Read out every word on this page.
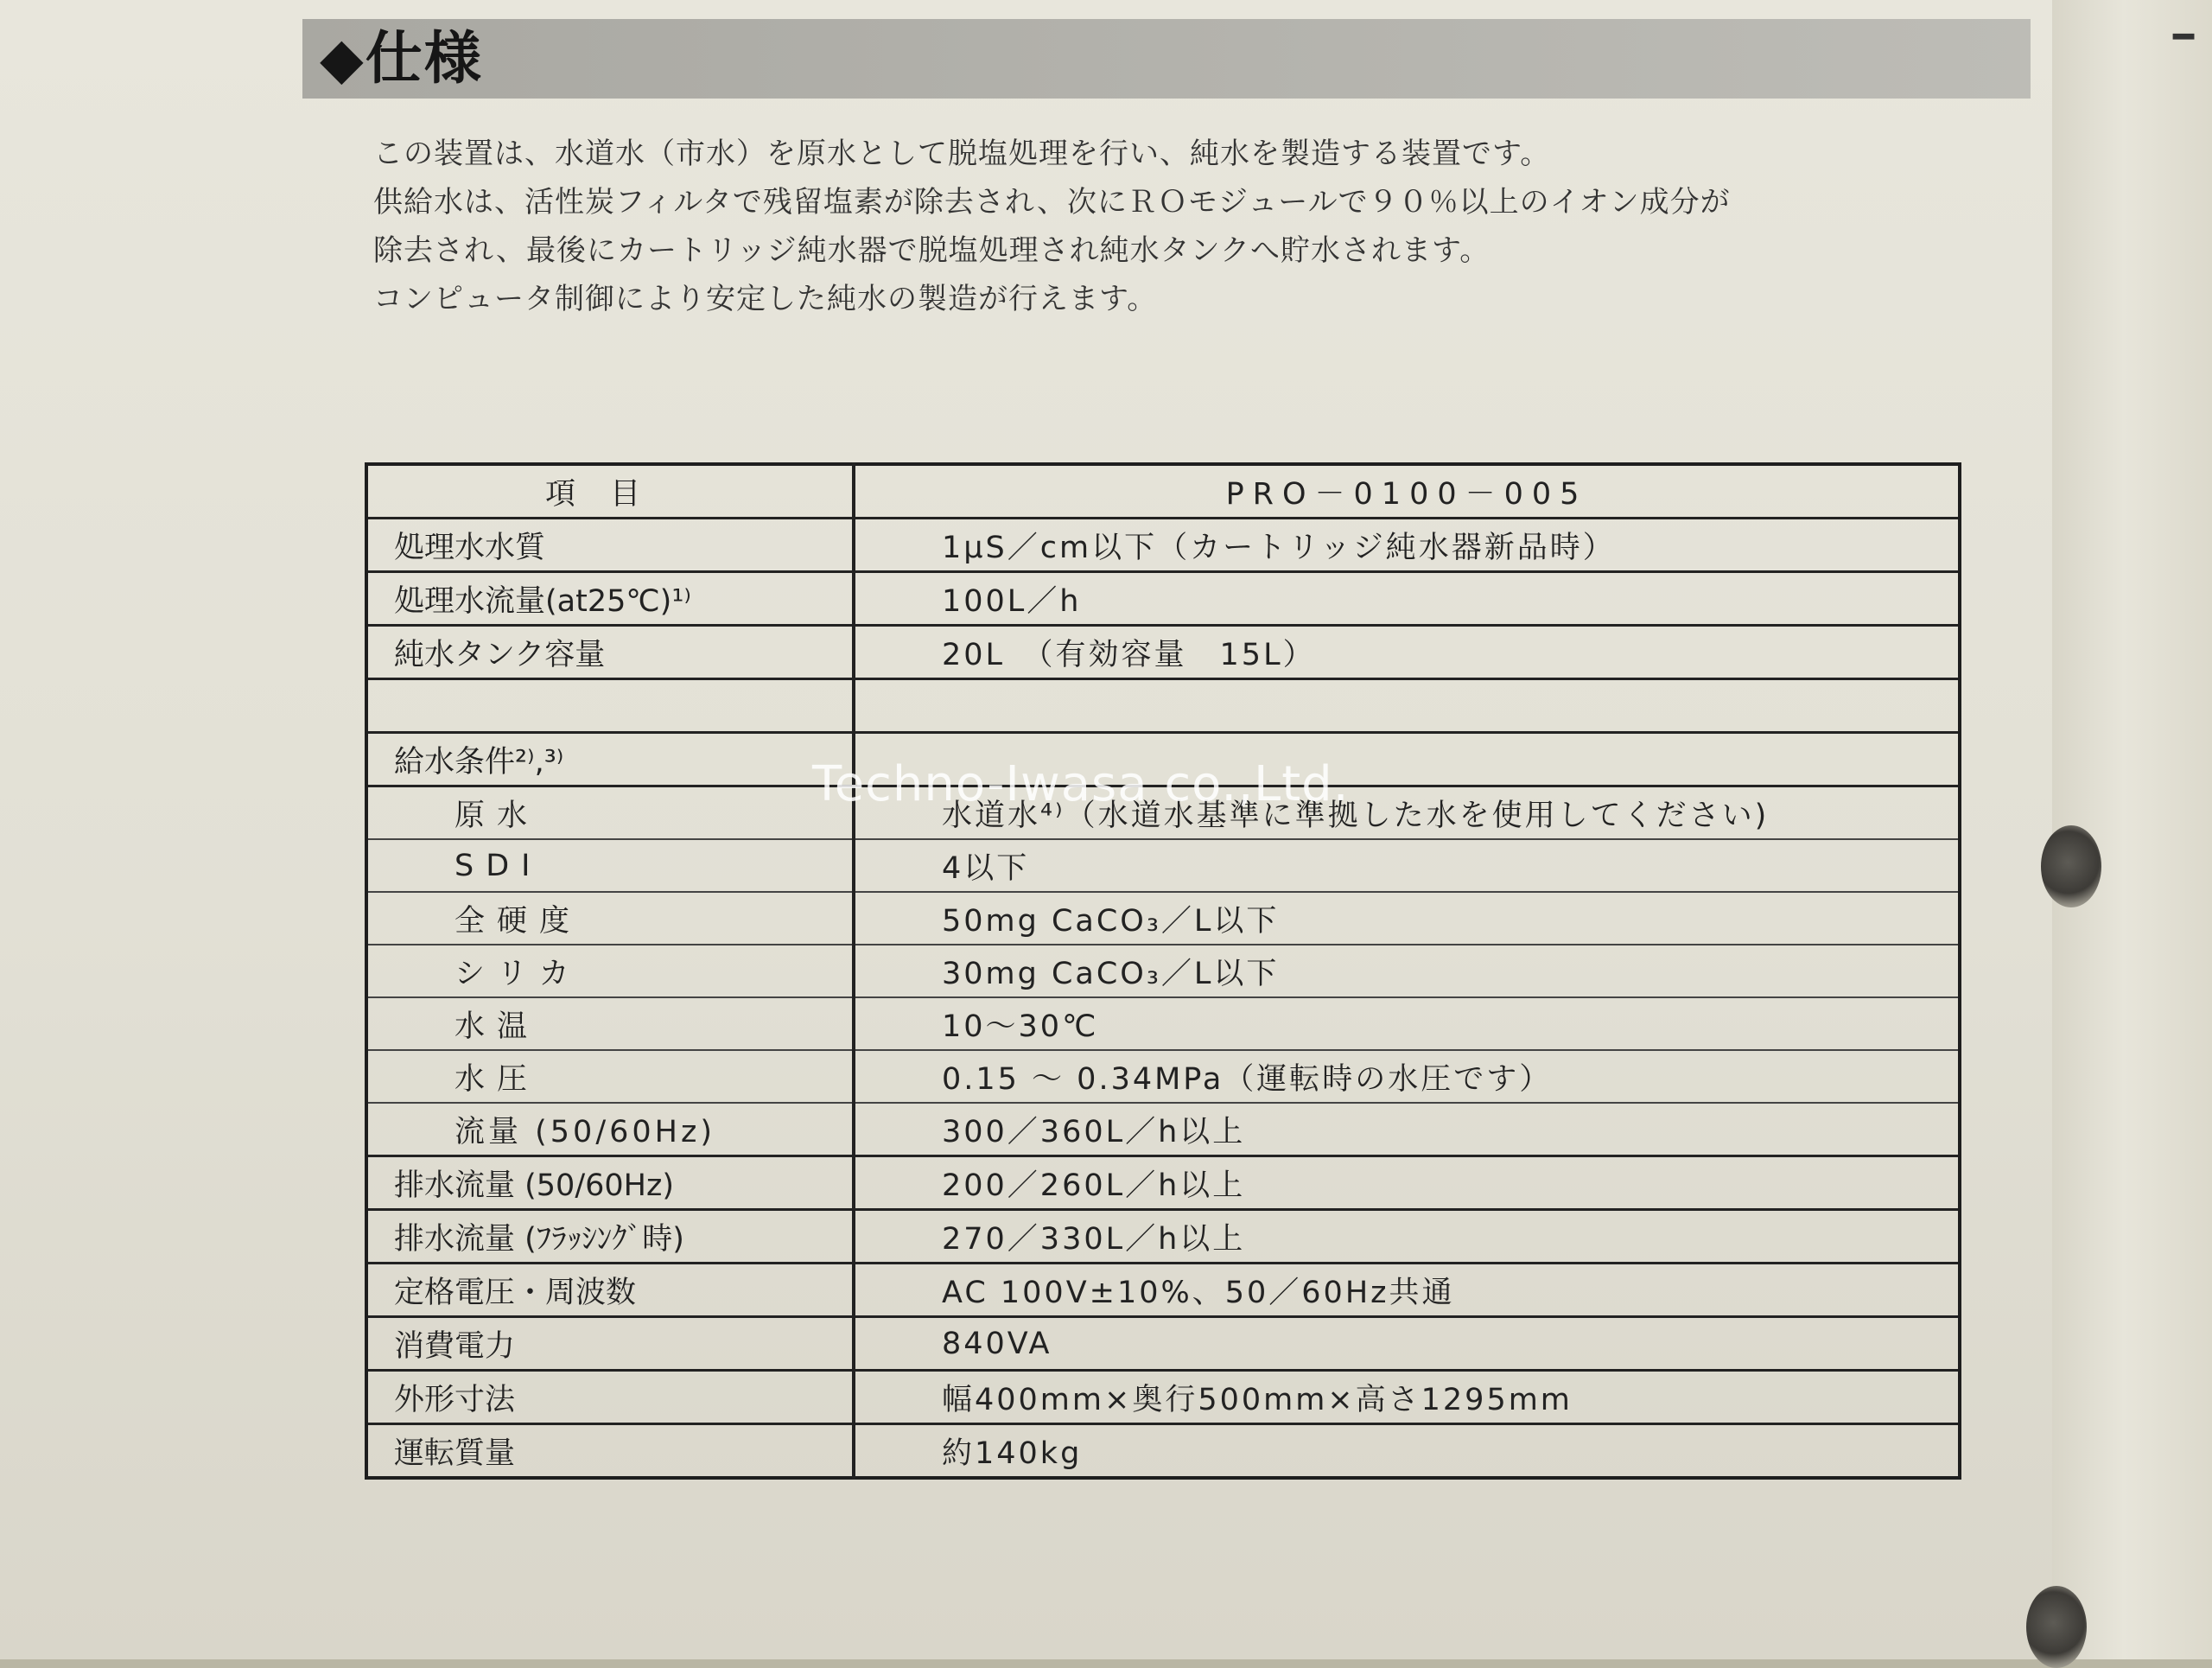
━
◆仕様

この装置は、水道水（市水）を原水として脱塩処理を行い、純水を製造する装置です。

供給水は、活性炭フィルタで残留塩素が除去され、次にＲＯモジュールで９０％以上のイオン成分が

除去され、最後にカートリッジ純水器で脱塩処理され純水タンクへ貯水されます。

コンピュータ制御により安定した純水の製造が行えます。

項目	PRO－0100－005
処理水水質	1μS／cm以下（カートリッジ純水器新品時）
処理水流量(at25℃)¹⁾	100L／h
純水タンク容量	20L　（有効容量　15L）

給水条件²⁾,³⁾	
原水	水道水⁴⁾（水道水基準に準拠した水を使用してください)
SDI	4以下
全硬度	50mg CaCO₃／L以下
シリカ	30mg CaCO₃／L以下
水温	10～30℃
水圧	0.15 ～ 0.34MPa（運転時の水圧です）
流量 (50/60Hz)	300／360L／h以上
排水流量 (50/60Hz)	200／260L／h以上
排水流量 (ﾌﾗｯｼﾝｸﾞ時)	270／330L／h以上
定格電圧・周波数	AC 100V±10%、50／60Hz共通
消費電力	840VA
外形寸法	幅400mm×奥行500mm×高さ1295mm
運転質量	約140kg
Techno-Iwasa co.,Ltd.
